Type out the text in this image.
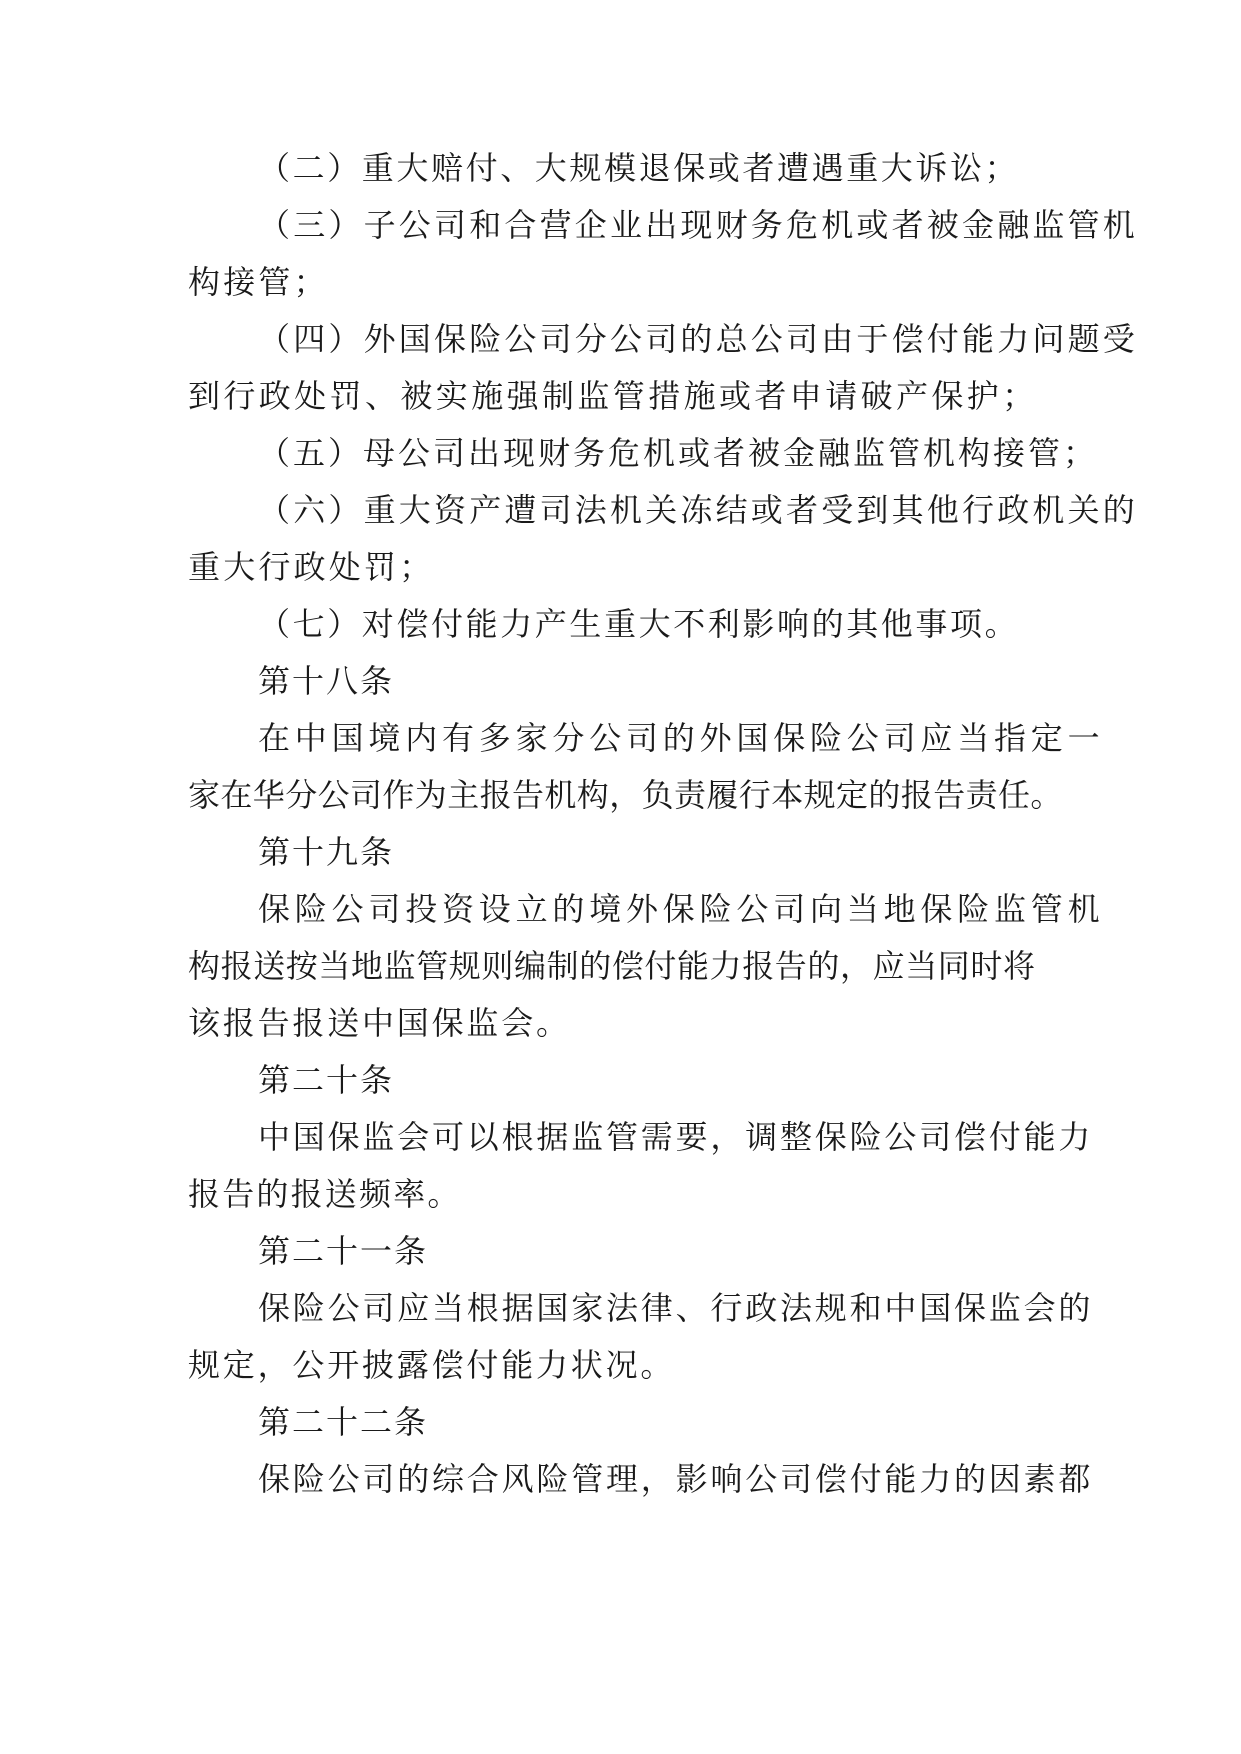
（二）重大赔付、大规模退保或者遭遇重大诉讼；
（三）子公司和合营企业出现财务危机或者被金融监管机
构接管；
（四）外国保险公司分公司的总公司由于偿付能力问题受
到行政处罚、被实施强制监管措施或者申请破产保护；
（五）母公司出现财务危机或者被金融监管机构接管；
（六）重大资产遭司法机关冻结或者受到其他行政机关的
重大行政处罚；
（七）对偿付能力产生重大不利影响的其他事项。
第十八条
在中国境内有多家分公司的外国保险公司应当指定一
家在华分公司作为主报告机构，负责履行本规定的报告责任。
第十九条
保险公司投资设立的境外保险公司向当地保险监管机
构报送按当地监管规则编制的偿付能力报告的，应当同时将
该报告报送中国保监会。
第二十条
中国保监会可以根据监管需要，调整保险公司偿付能力
报告的报送频率。
第二十一条
保险公司应当根据国家法律、行政法规和中国保监会的
规定，公开披露偿付能力状况。
第二十二条
保险公司的综合风险管理，影响公司偿付能力的因素都
